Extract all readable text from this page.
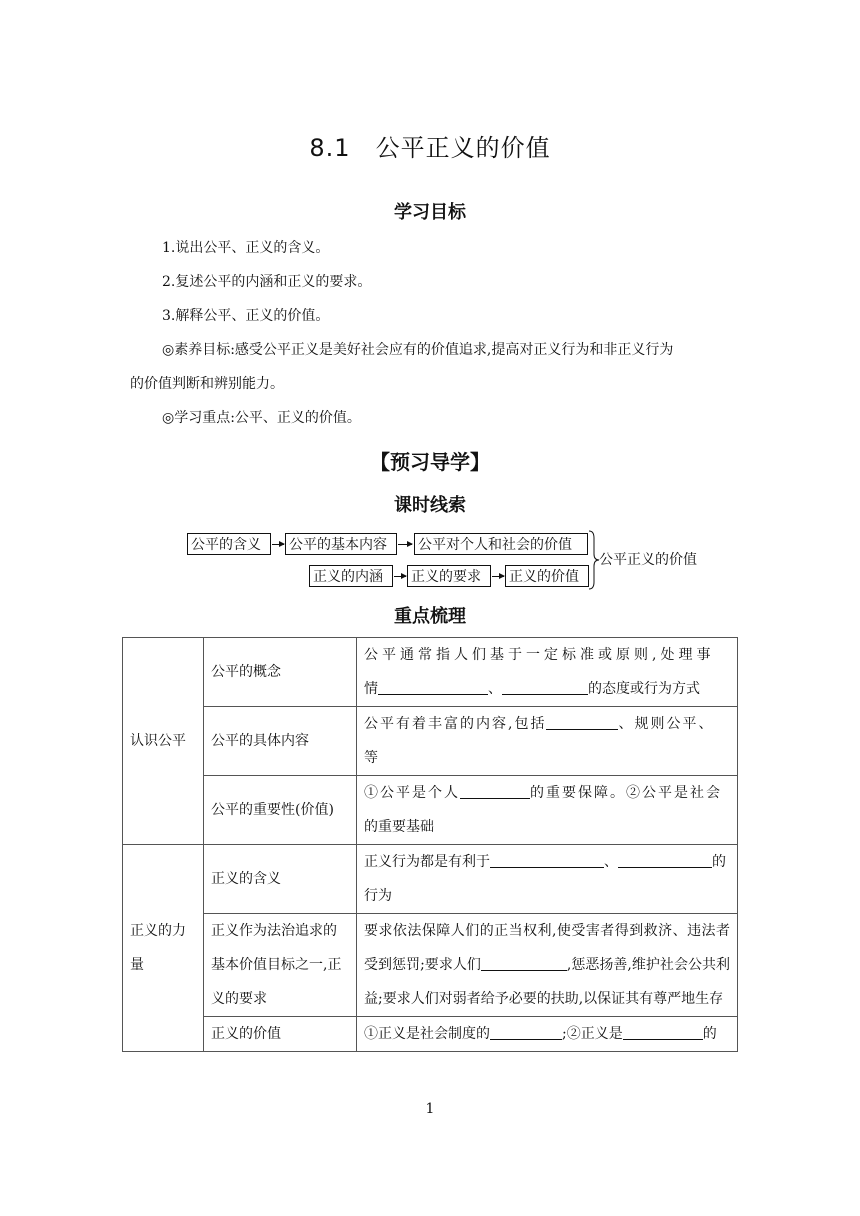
8.1　公平正义的价值
学习目标
1.说出公平、正义的含义。
2.复述公平的内涵和正义的要求。
3.解释公平、正义的价值。
◎素养目标:感受公平正义是美好社会应有的价值追求,提高对正义行为和非正义行为
的价值判断和辨别能力。
◎学习重点:公平、正义的价值。
【预习导学】
课时线索
公平的含义	公平的基本内容	公平对个人和社会的价值
正义的内涵	正义的要求	正义的价值
公平正义的价值
重点梳理
认识公平	公平的概念	公平通常指人们基于一定标准或原则,处理事
情 、 的态度或行为方式
	公平的具体内容	公平有着丰富的内容,包括 、规则公平、
等
	公平的重要性(价值)	①公平是个人 的重要保障。②公平是社会
的重要基础
正义的力量	正义的含义	正义行为都是有利于 、 的
行为
	正义作为法治追求的基本价值目标之一,正义的要求	要求依法保障人们的正当权利,使受害者得到救济、违法者受到惩罚;要求人们 ,惩恶扬善,维护社会公共利益;要求人们对弱者给予必要的扶助,以保证其有尊严地生存
	正义的价值	①正义是社会制度的 ;②正义是 的
1
